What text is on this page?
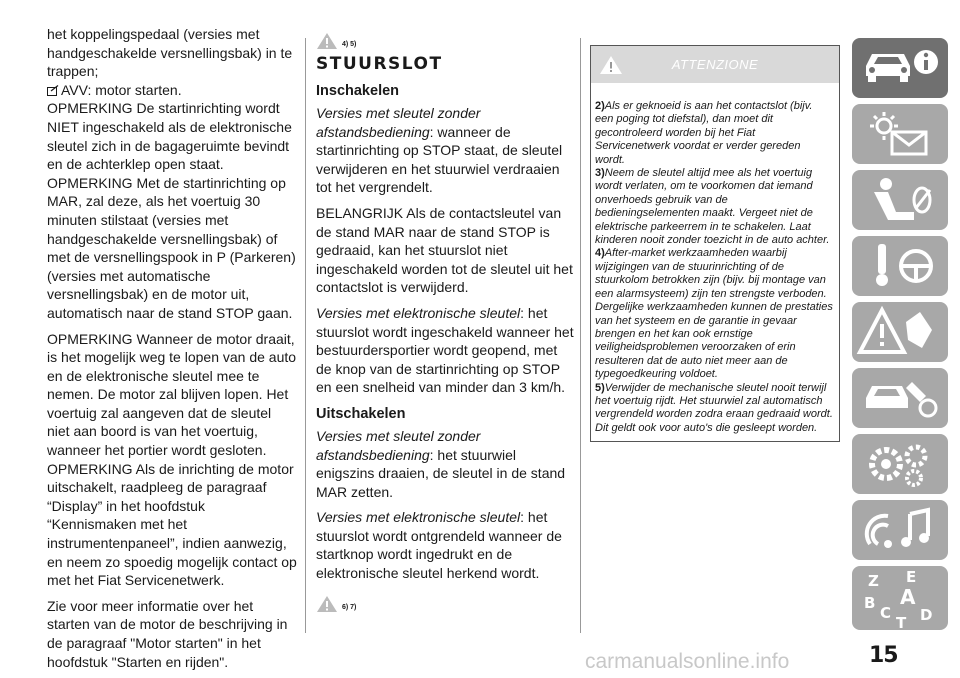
het koppelingspedaal (versies met handgeschakelde versnellingsbak) in te trappen;

AVV: motor starten.

OPMERKING De startinrichting wordt NIET ingeschakeld als de elektronische sleutel zich in de bagageruimte bevindt en de achterklep open staat.

OPMERKING Met de startinrichting op MAR, zal deze, als het voertuig 30 minuten stilstaat (versies met handgeschakelde versnellingsbak) of met de versnellingspook in P (Parkeren) (versies met automatische versnellingsbak) en de motor uit, automatisch naar de stand STOP gaan.

OPMERKING Wanneer de motor draait, is het mogelijk weg te lopen van de auto en de elektronische sleutel mee te nemen. De motor zal blijven lopen. Het voertuig zal aangeven dat de sleutel niet aan boord is van het voertuig, wanneer het portier wordt gesloten.

OPMERKING Als de inrichting de motor uitschakelt, raadpleeg de paragraaf “Display” in het hoofdstuk “Kennismaken met het instrumentenpaneel”, indien aanwezig, en neem zo spoedig mogelijk contact op met het Fiat Servicenetwerk.

Zie voor meer informatie over het starten van de motor de beschrijving in de paragraaf "Motor starten" in het hoofdstuk "Starten en rijden".

4) 5)
STUURSLOT
Inschakelen

Versies met sleutel zonder afstandsbediening: wanneer de startinrichting op STOP staat, de sleutel verwijderen en het stuurwiel verdraaien tot het vergrendelt.

BELANGRIJK Als de contactsleutel van de stand MAR naar de stand STOP is gedraaid, kan het stuurslot niet ingeschakeld worden tot de sleutel uit het contactslot is verwijderd.

Versies met elektronische sleutel: het stuurslot wordt ingeschakeld wanneer het bestuurdersportier wordt geopend, met de knop van de startinrichting op STOP en een snelheid van minder dan 3 km/h.

Uitschakelen

Versies met sleutel zonder afstandsbediening: het stuurwiel enigszins draaien, de sleutel in de stand MAR zetten.

Versies met elektronische sleutel: het stuurslot wordt ontgrendeld wanneer de startknop wordt ingedrukt en de elektronische sleutel herkend wordt.

6) 7)
ATTENZIONE
2)Als er geknoeid is aan het contactslot (bijv. een poging tot diefstal), dan moet dit gecontroleerd worden bij het Fiat Servicenetwerk voordat er verder gereden wordt.
3)Neem de sleutel altijd mee als het voertuig wordt verlaten, om te voorkomen dat iemand onverhoeds gebruik van de bedieningselementen maakt. Vergeet niet de elektrische parkeerrem in te schakelen. Laat kinderen nooit zonder toezicht in de auto achter.
4)After-market werkzaamheden waarbij wijzigingen van de stuurinrichting of de stuurkolom betrokken zijn (bijv. bij montage van een alarmsysteem) zijn ten strengste verboden. Dergelijke werkzaamheden kunnen de prestaties van het systeem en de garantie in gevaar brengen en het kan ook ernstige veiligheidsproblemen veroorzaken of erin resulteren dat de auto niet meer aan de typegoedkeuring voldoet.
5)Verwijder de mechanische sleutel nooit terwijl het voertuig rijdt. Het stuurwiel zal automatisch vergrendeld worden zodra eraan gedraaid wordt. Dit geldt ook voor auto's die gesleept worden.
Z E
A
B
C
T D
15
carmanualsonline.info
